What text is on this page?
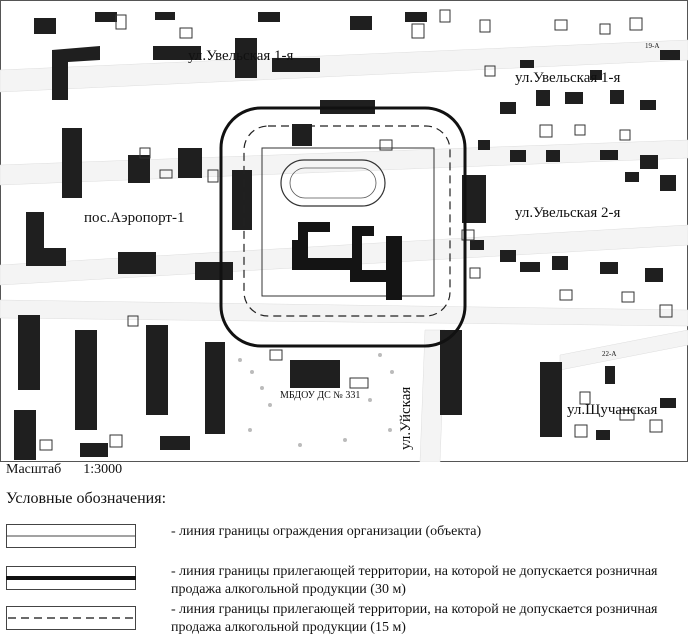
ул.Увельская 1-я
ул.Увельская 1-я
пос.Аэропорт-1	ул.Увельская 2-я
ул.Щучанская
ул.Уйская
МБДОУ ДС № 331
19-А
22-А
Масштаб 1:3000
Условные обозначения:
- линия границы ограждения организации (объекта)
- линия границы прилегающей территории, на которой не допускается розничная продажа алкогольной продукции (30 м)
- линия границы прилегающей территории, на которой не допускается розничная продажа алкогольной продукции (15 м)
